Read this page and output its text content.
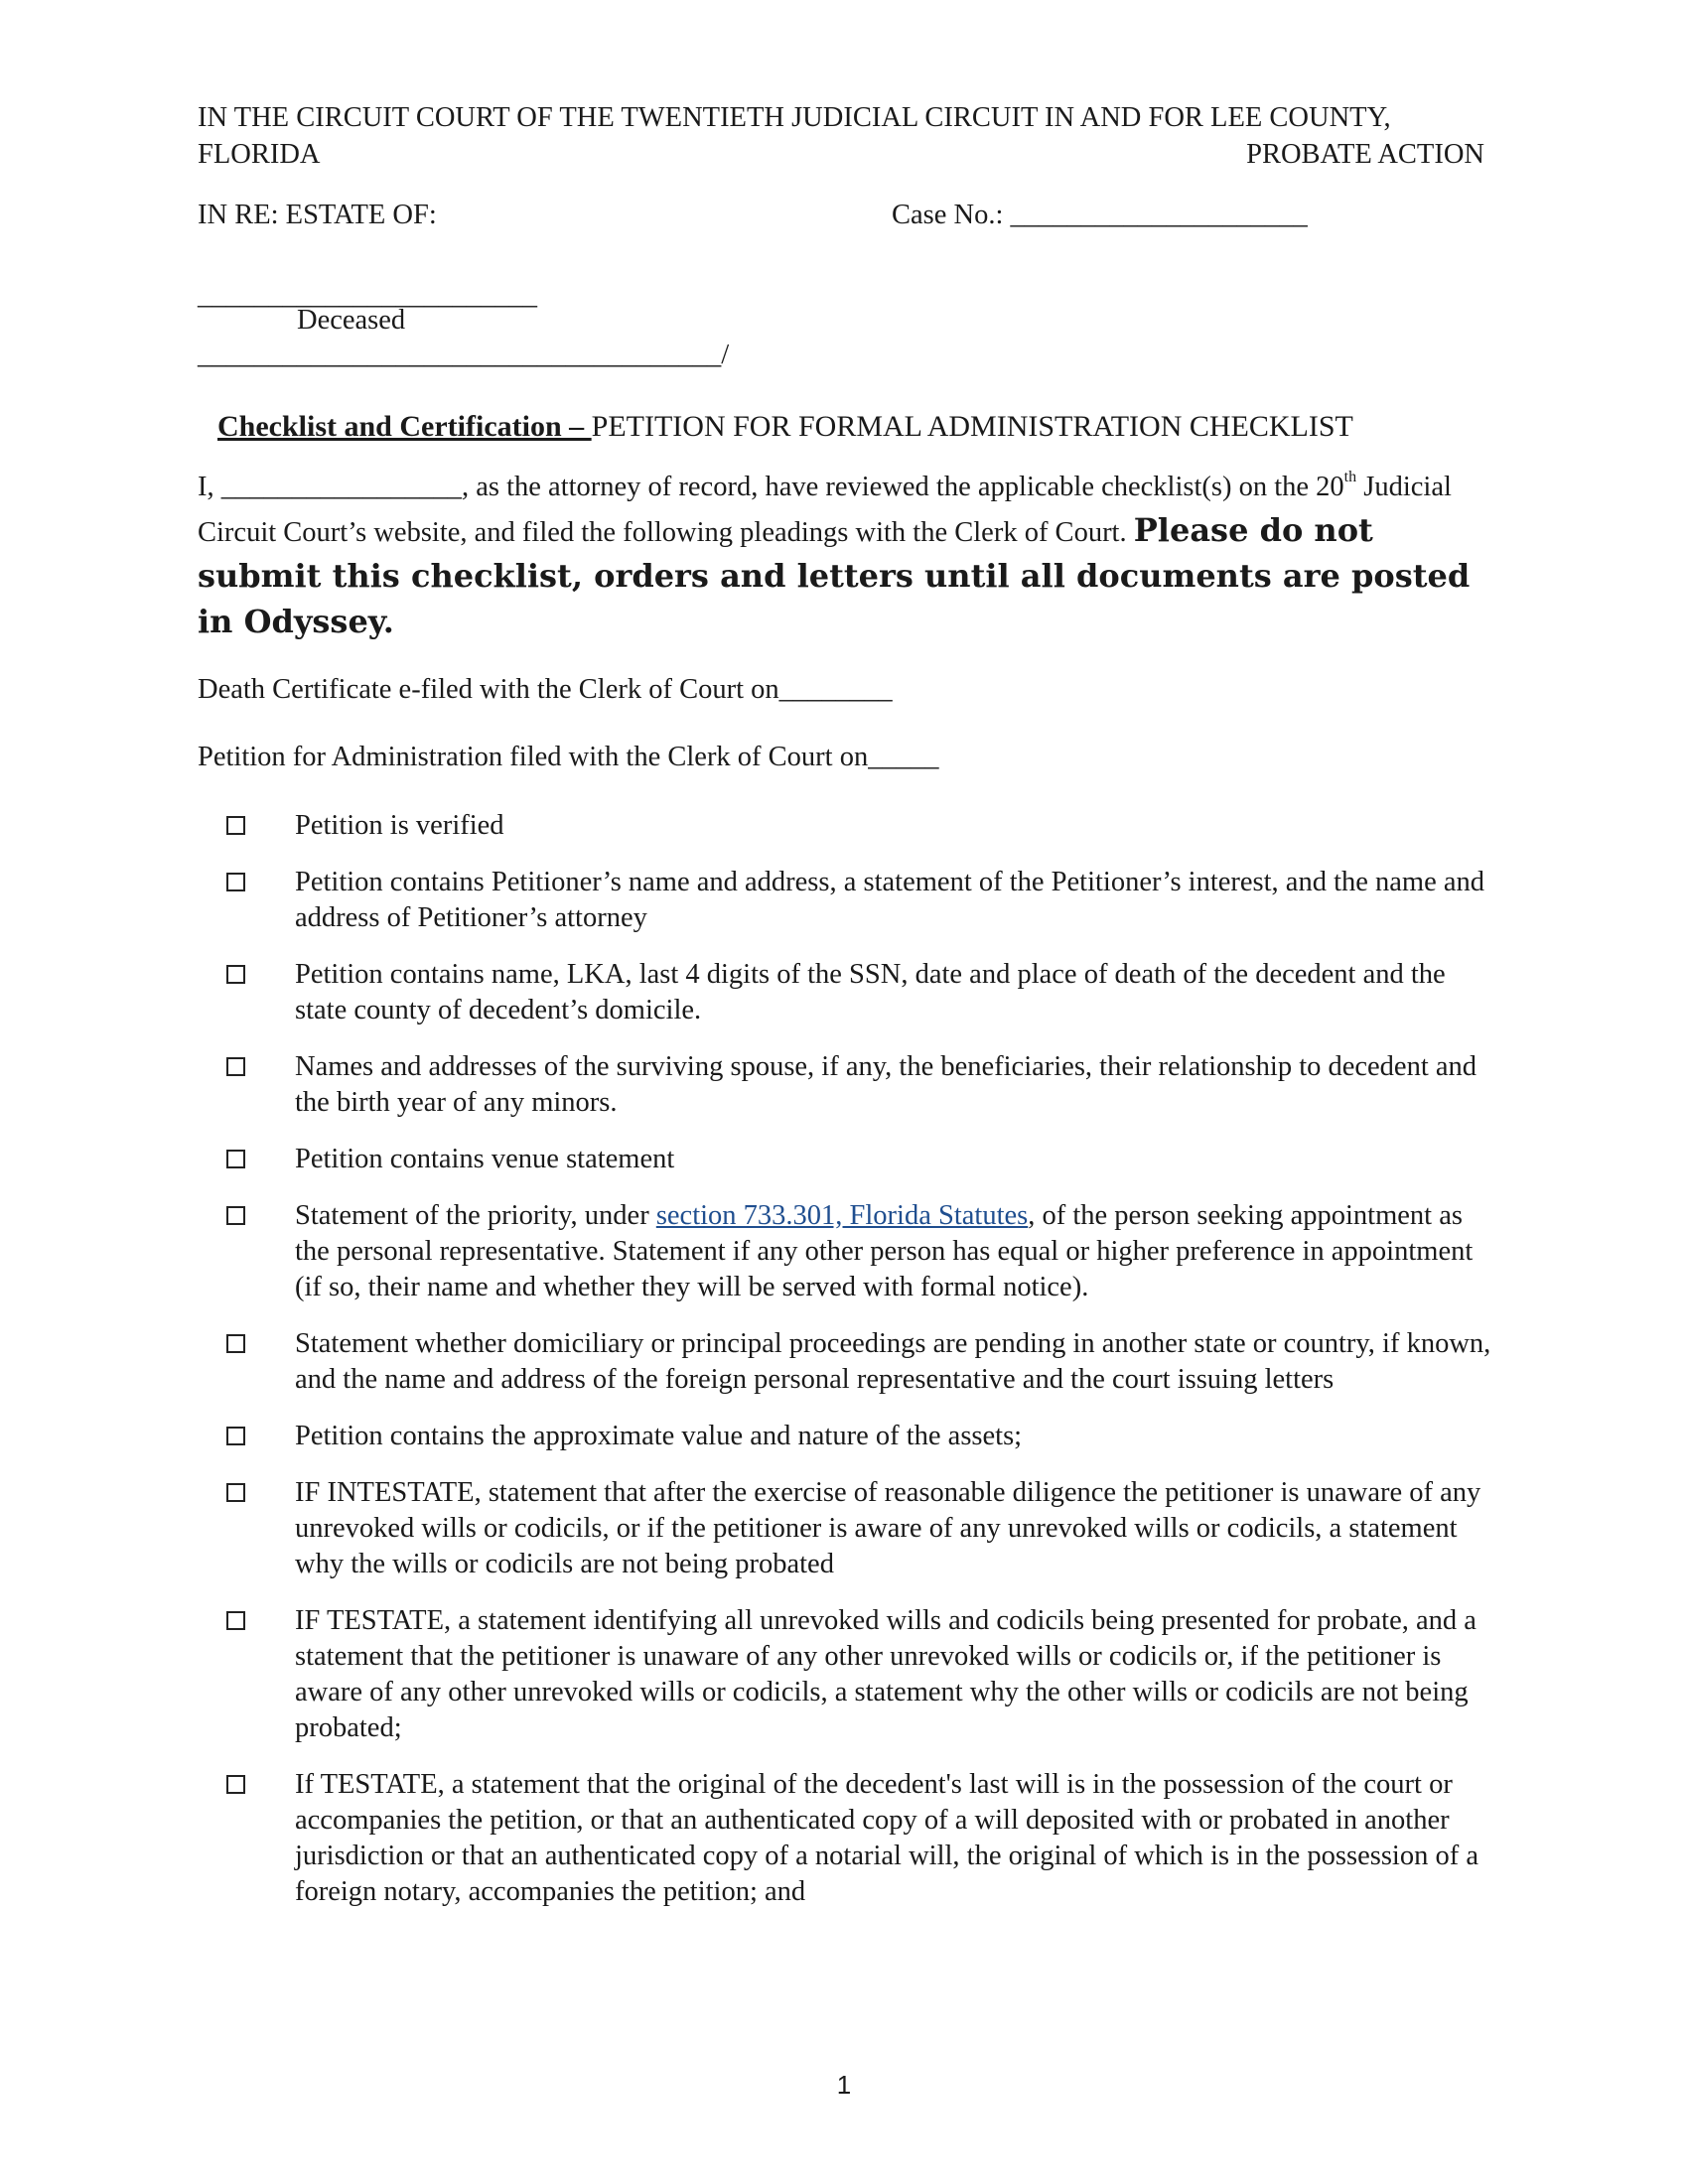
IN THE CIRCUIT COURT OF THE TWENTIETH JUDICIAL CIRCUIT IN AND FOR LEE COUNTY,
FLORIDA	PROBATE ACTION
IN RE: ESTATE OF:	Case No.: _____________________
________________________
Deceased
_____________________________________/
Checklist and Certification – PETITION FOR FORMAL ADMINISTRATION CHECKLIST
I, _________________, as the attorney of record, have reviewed the applicable checklist(s) on the 20th Judicial Circuit Court’s website, and filed the following pleadings with the Clerk of Court. Please do not submit this checklist, orders and letters until all documents are posted in Odyssey.
Death Certificate e-filed with the Clerk of Court on________
Petition for Administration filed with the Clerk of Court on_____
Petition is verified
Petition contains Petitioner’s name and address, a statement of the Petitioner’s interest, and the name and address of Petitioner’s attorney
Petition contains name, LKA, last 4 digits of the SSN, date and place of death of the decedent and the state county of decedent’s domicile.
Names and addresses of the surviving spouse, if any, the beneficiaries, their relationship to decedent and the birth year of any minors.
Petition contains venue statement
Statement of the priority, under section 733.301, Florida Statutes, of the person seeking appointment as the personal representative. Statement if any other person has equal or higher preference in appointment (if so, their name and whether they will be served with formal notice).
Statement whether domiciliary or principal proceedings are pending in another state or country, if known, and the name and address of the foreign personal representative and the court issuing letters
Petition contains the approximate value and nature of the assets;
IF INTESTATE, statement that after the exercise of reasonable diligence the petitioner is unaware of any unrevoked wills or codicils, or if the petitioner is aware of any unrevoked wills or codicils, a statement why the wills or codicils are not being probated
IF TESTATE, a statement identifying all unrevoked wills and codicils being presented for probate, and a statement that the petitioner is unaware of any other unrevoked wills or codicils or, if the petitioner is aware of any other unrevoked wills or codicils, a statement why the other wills or codicils are not being probated;
If TESTATE, a statement that the original of the decedent's last will is in the possession of the court or accompanies the petition, or that an authenticated copy of a will deposited with or probated in another jurisdiction or that an authenticated copy of a notarial will, the original of which is in the possession of a foreign notary, accompanies the petition; and
1
